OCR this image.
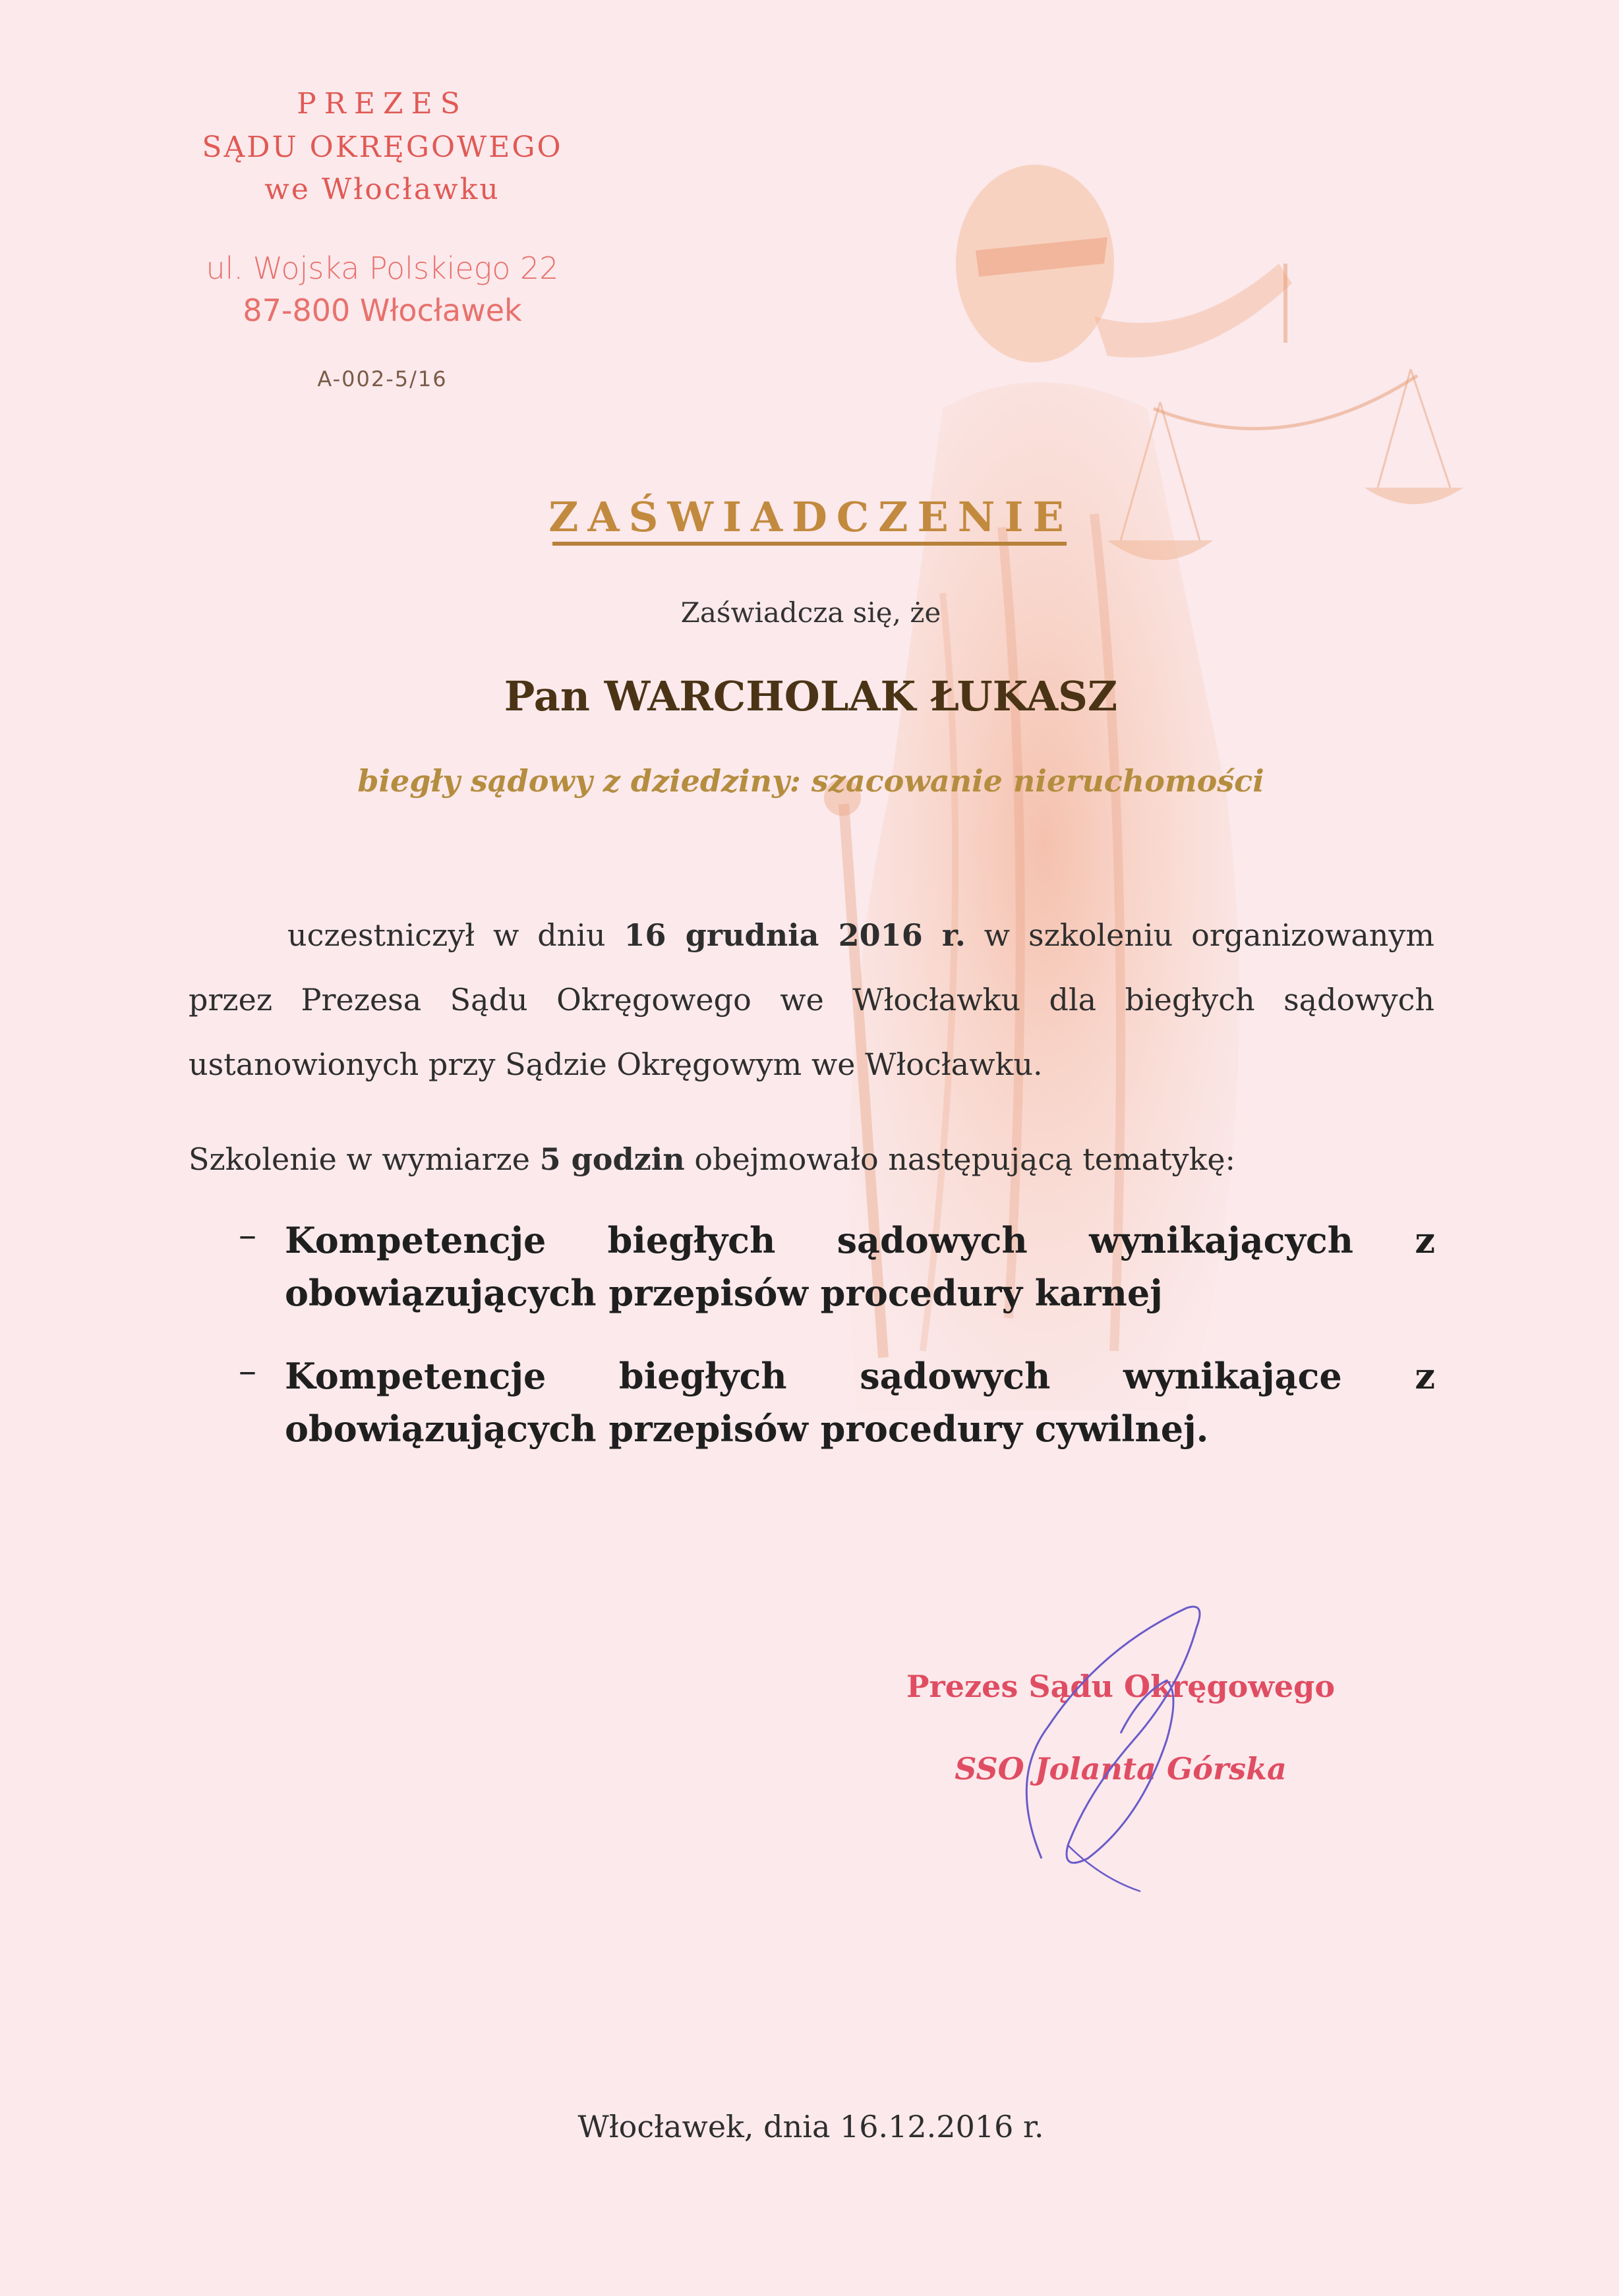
PREZES
SĄDU OKRĘGOWEGO
we Włocławku
ul. Wojska Polskiego 22
87-800 Włocławek
A-002-5/16
ZAŚWIADCZENIE
Zaświadcza się, że
Pan WARCHOLAK ŁUKASZ
biegły sądowy z dziedziny: szacowanie nieruchomości
uczestniczył w dniu 16 grudnia 2016 r. w szkoleniu organizowanym przez Prezesa Sądu Okręgowego we Włocławku dla biegłych sądowych ustanowionych przy Sądzie Okręgowym we Włocławku.
Szkolenie w wymiarze 5 godzin obejmowało następującą tematykę:
– Kompetencje biegłych sądowych wynikających z obowiązujących przepisów procedury karnej
– Kompetencje biegłych sądowych wynikające z obowiązujących przepisów procedury cywilnej.
Prezes Sądu Okręgowego
SSO Jolanta Górska
Włocławek, dnia 16.12.2016 r.
